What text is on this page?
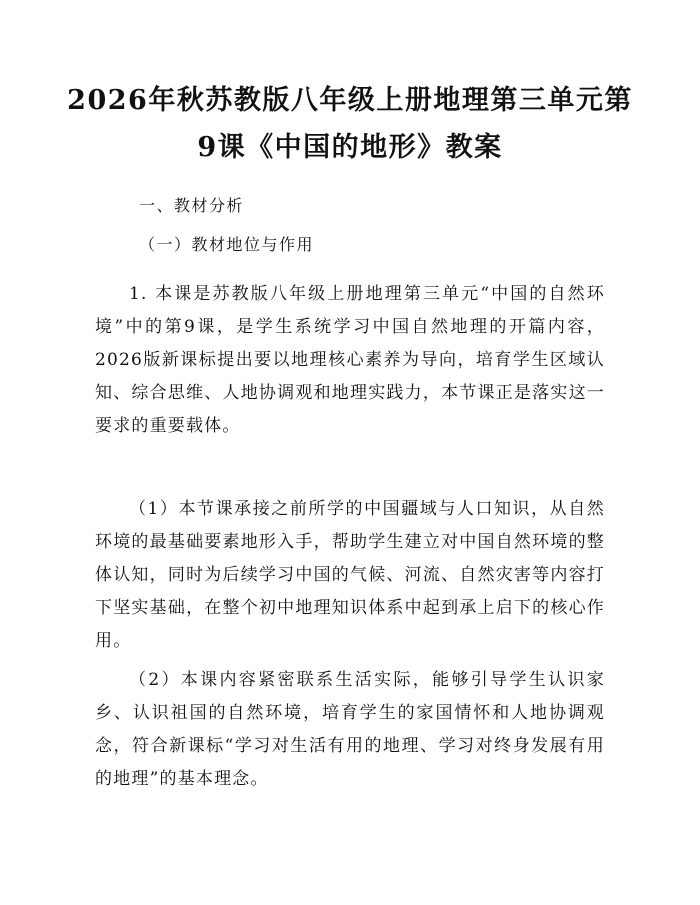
2026年秋苏教版八年级上册地理第三单元第
9课《中国的地形》教案
一、教材分析
（一）教材地位与作用

1. 本课是苏教版八年级上册地理第三单元“中国的自然环境”中的第9课，是学生系统学习中国自然地理的开篇内容，2026版新课标提出要以地理核心素养为导向，培育学生区域认知、综合思维、人地协调观和地理实践力，本节课正是落实这一要求的重要载体。

（1）本节课承接之前所学的中国疆域与人口知识，从自然环境的最基础要素地形入手，帮助学生建立对中国自然环境的整体认知，同时为后续学习中国的气候、河流、自然灾害等内容打下坚实基础，在整个初中地理知识体系中起到承上启下的核心作用。

（2）本课内容紧密联系生活实际，能够引导学生认识家乡、认识祖国的自然环境，培育学生的家国情怀和人地协调观念，符合新课标“学习对生活有用的地理、学习对终身发展有用的地理”的基本理念。
